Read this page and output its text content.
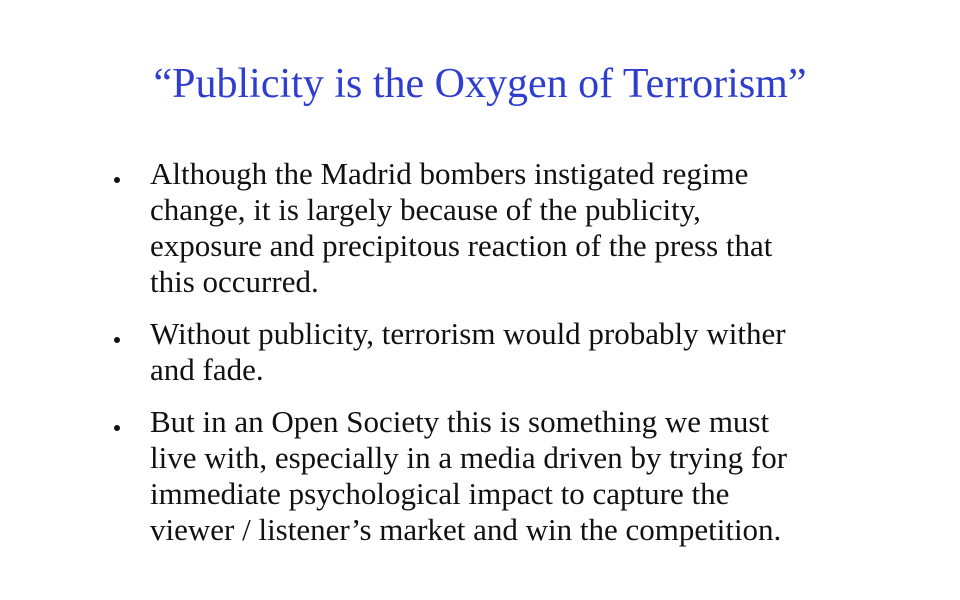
“Publicity is the Oxygen of Terrorism”
Although the Madrid bombers instigated regime
change, it is largely because of the publicity,
exposure and precipitous reaction of the press that
this occurred.
Without publicity, terrorism would probably wither
and fade.
But in an Open Society this is something we must
live with, especially in a media driven by trying for
immediate psychological impact to capture the
viewer / listener’s market and win the competition.
